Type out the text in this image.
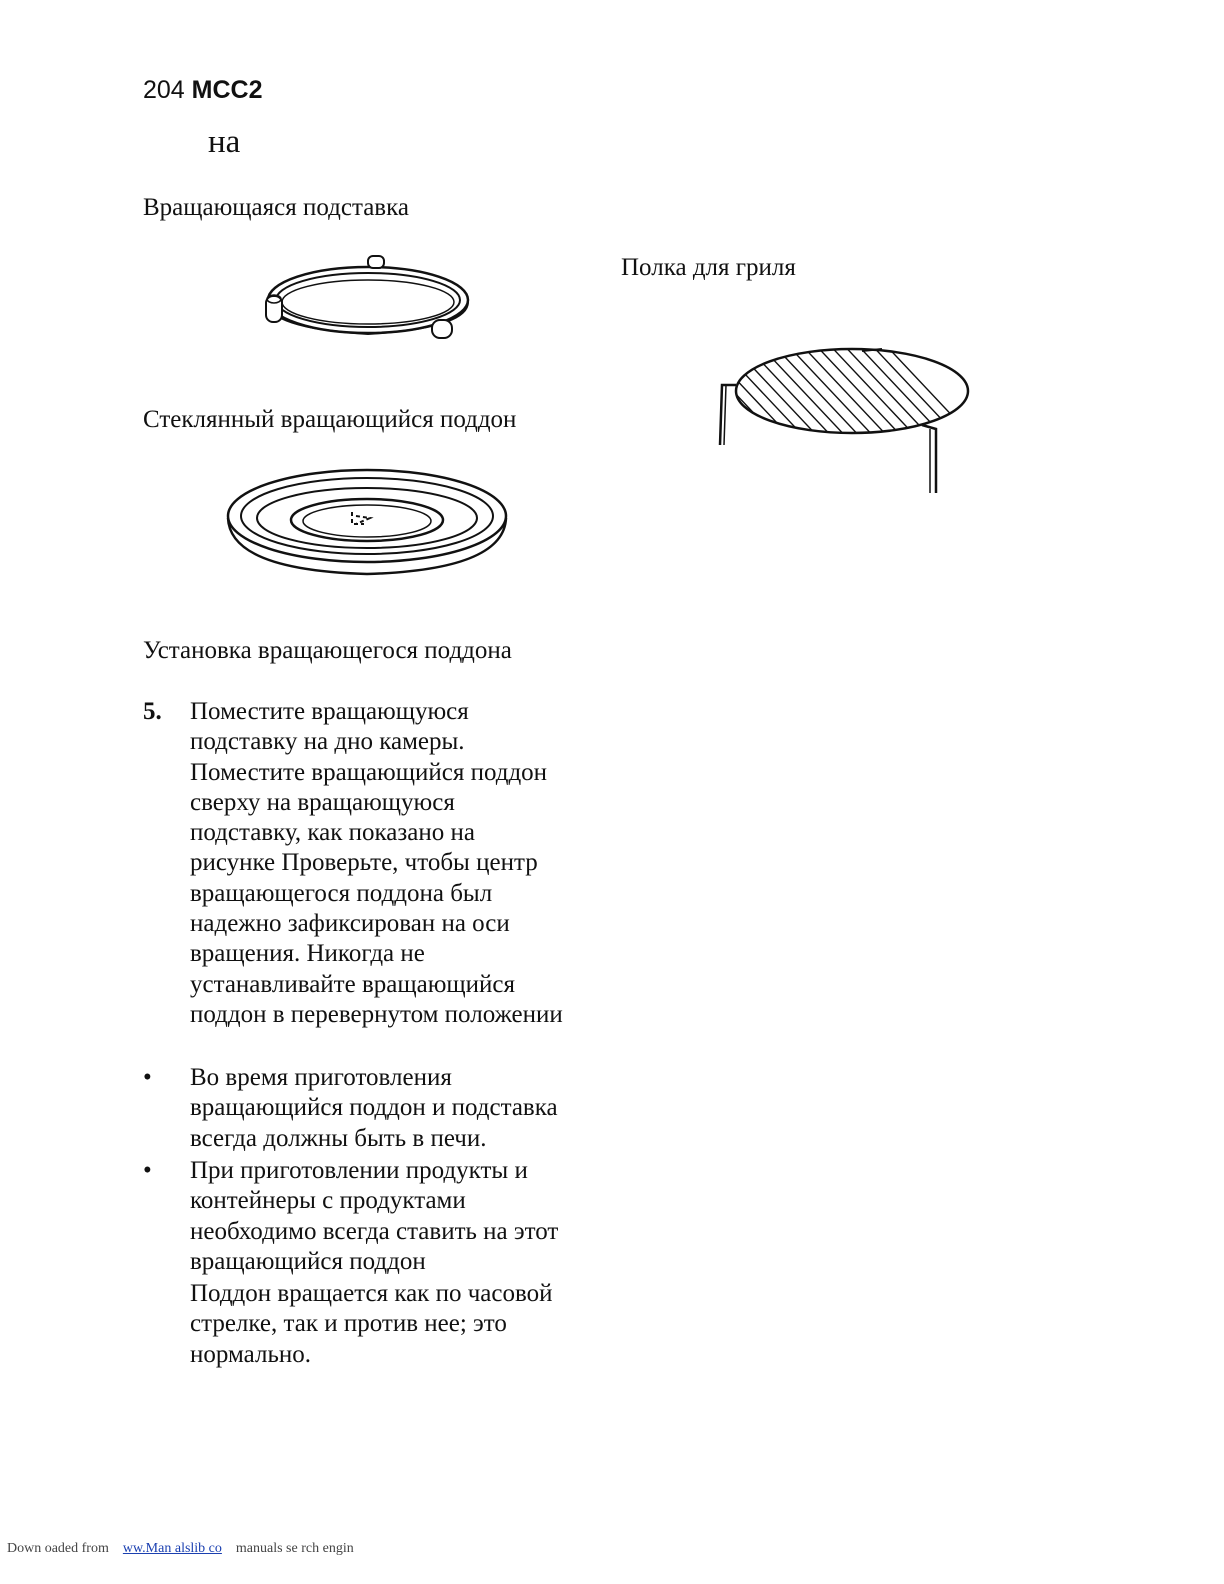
204 MCC2
на
Вращающаяся подставка
Полка для гриля
Стеклянный вращающийся поддон
Установка вращающегося поддона
5. Поместите вращающуюся
подставку на дно камеры.
Поместите вращающийся поддон
сверху на вращающуюся
подставку, как показано на
рисунке Проверьте, чтобы центр
вращающегося поддона был
надежно зафиксирован на оси
вращения. Никогда не
устанавливайте вращающийся
поддон в перевернутом положении
• Во время приготовления
вращающийся поддон и подставка
всегда должны быть в печи.
• При приготовлении продукты и
контейнеры с продуктами
необходимо всегда ставить на этот
вращающийся поддон
Поддон вращается как по часовой
стрелке, так и против нее; это
нормально.
Down oaded from ww.Man alslib co manuals se rch engin
